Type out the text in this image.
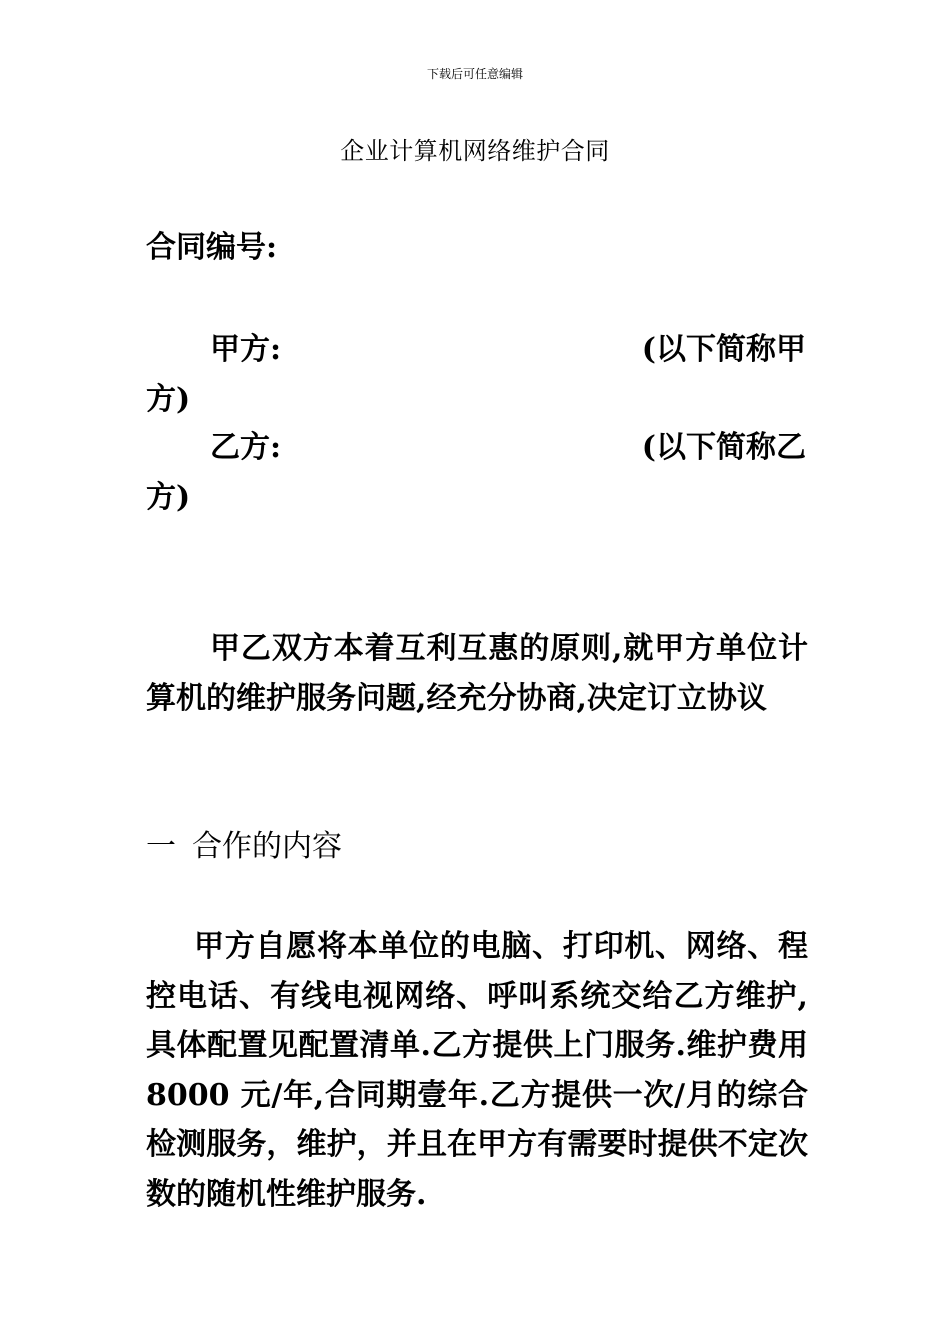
下载后可任意编辑
企业计算机网络维护合同
合同编号:
甲方:	(以下简称甲
方)
乙方:	(以下简称乙
方)
甲乙双方本着互利互惠的原则,就甲方单位计算机的维护服务问题,经充分协商,决定订立协议
一 合作的内容
甲方自愿将本单位的电脑、打印机、网络、程控电话、有线电视网络、呼叫系统交给乙方维护,具体配置见配置清单.乙方提供上门服务.维护费用 8000 元/年,合同期壹年.乙方提供一次/月的综合检测服务，维护，并且在甲方有需要时提供不定次数的随机性维护服务.
